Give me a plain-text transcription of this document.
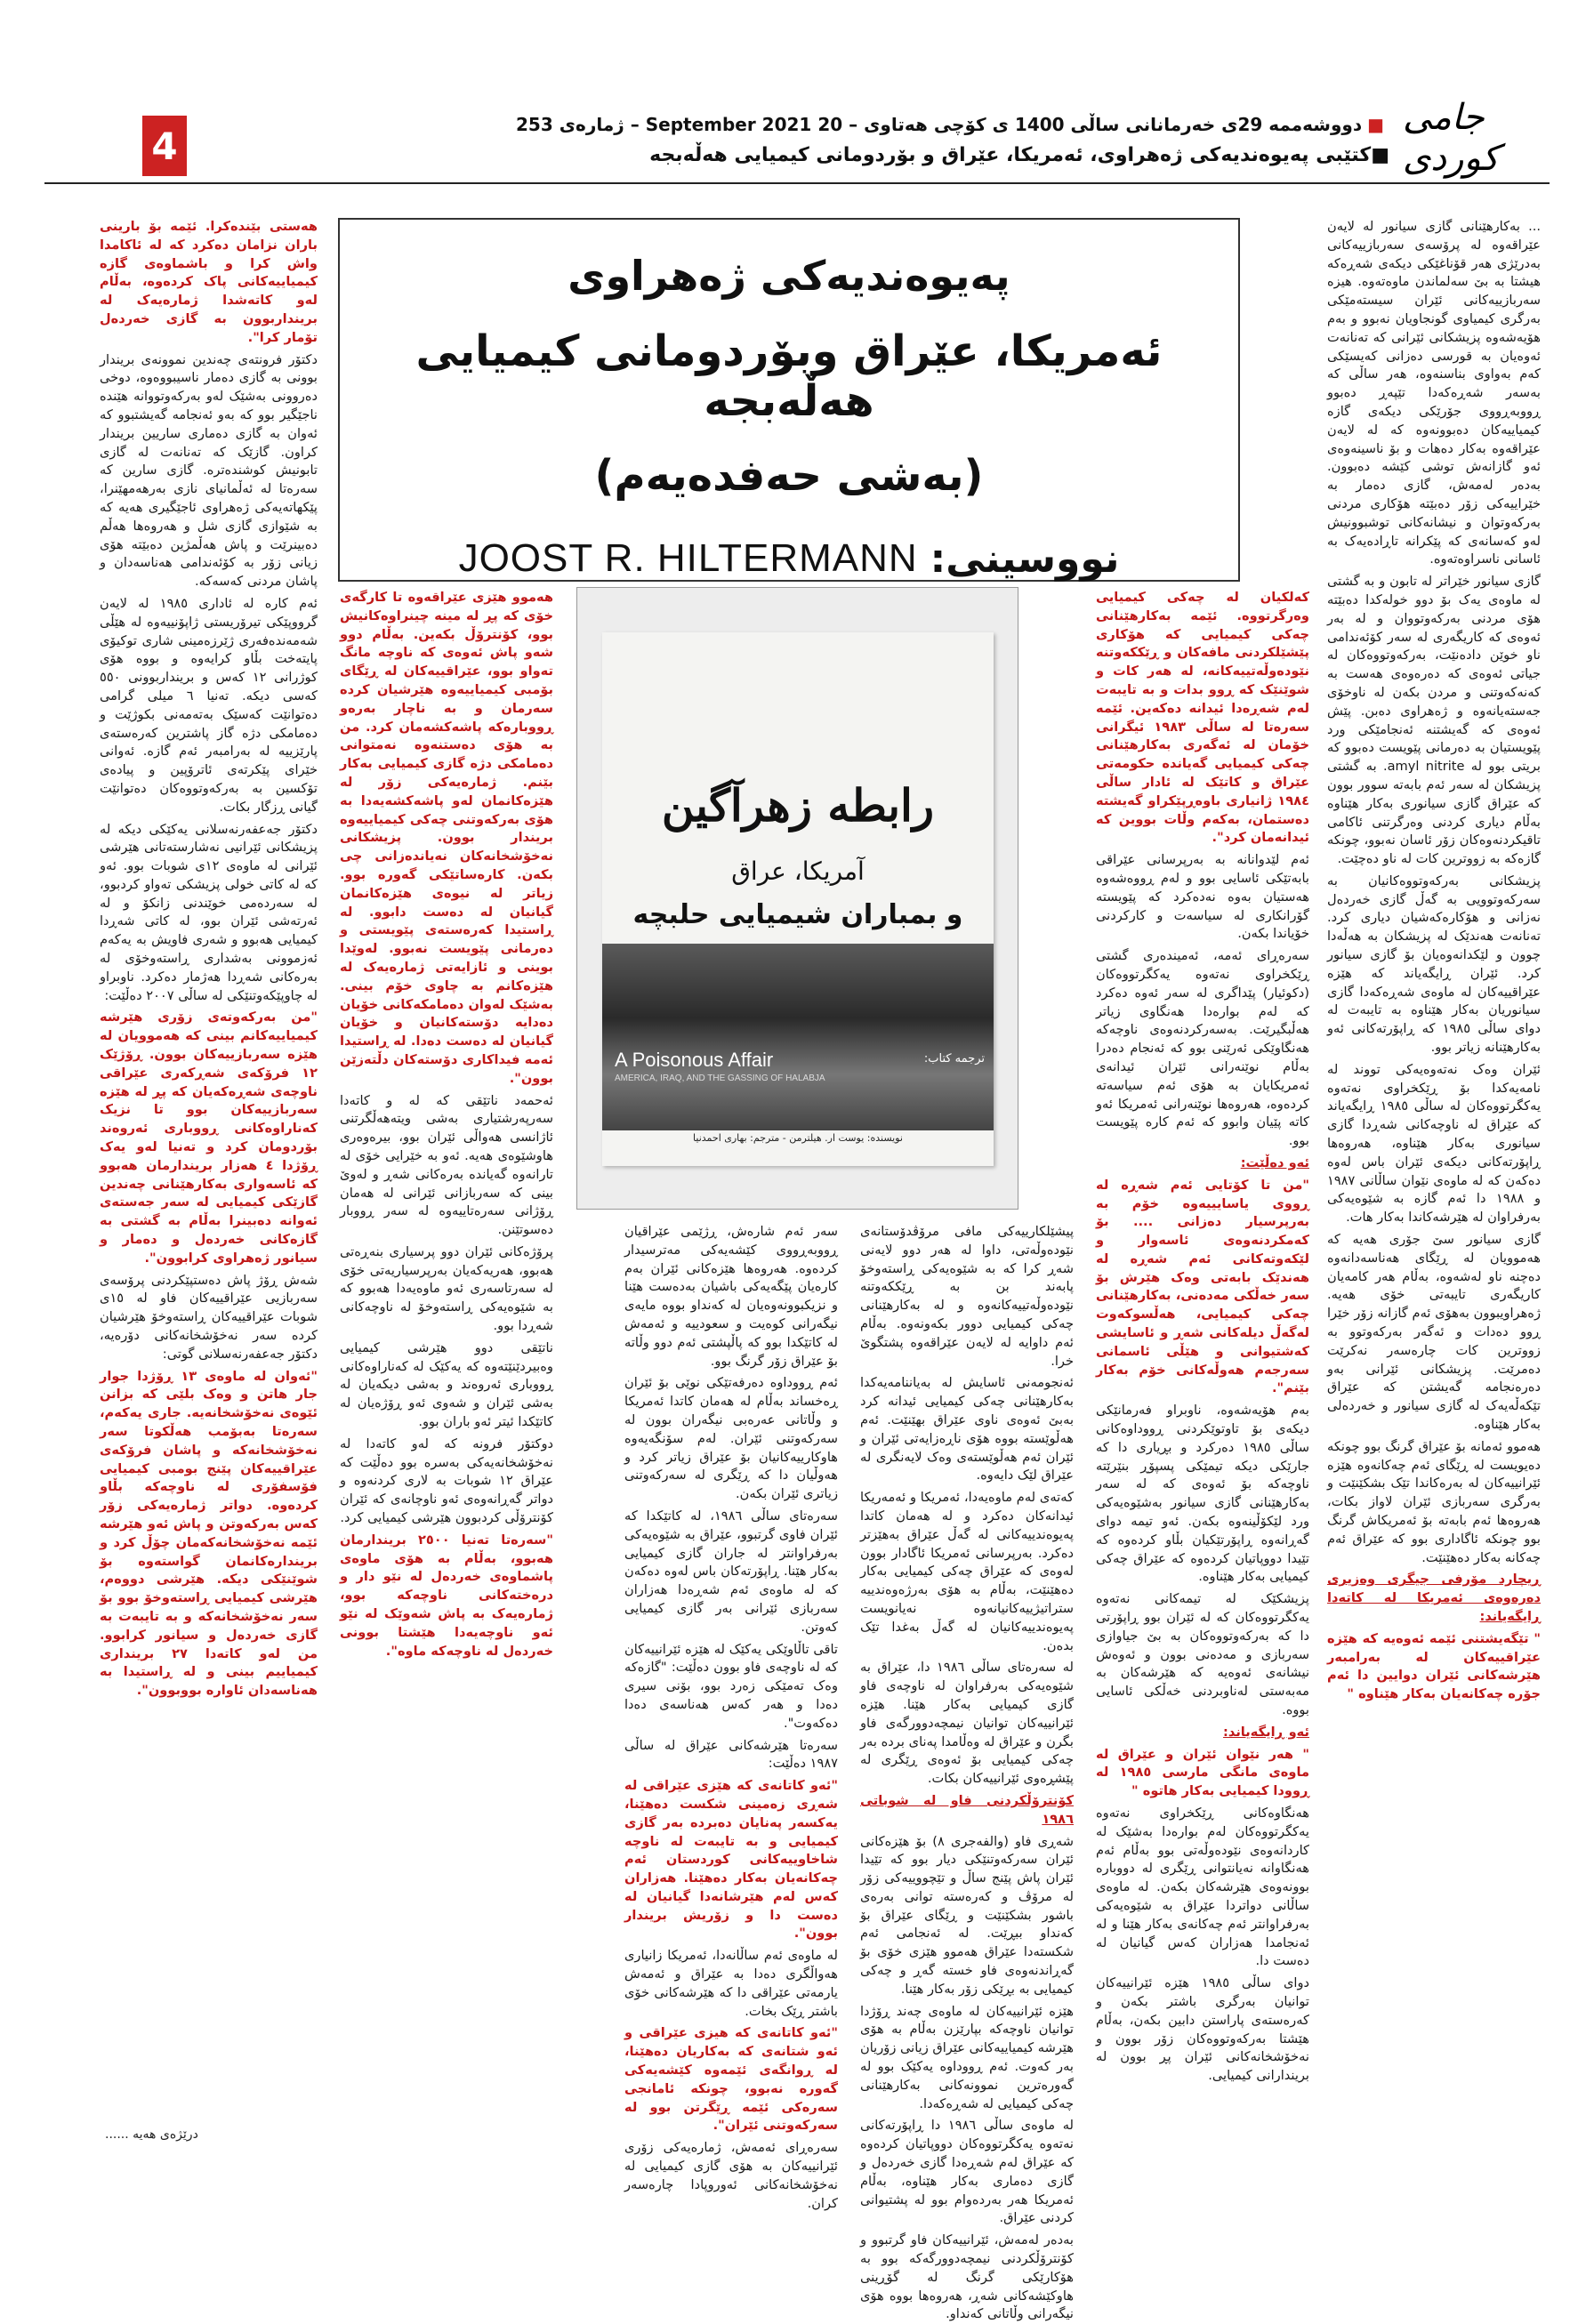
4	■دووشەممە 29ی خەرمانانی ساڵی 1400 ی کۆچی هەتاوی – 20 September 2021 – ژمارەی 253
■کتێبی پەیوەندیەکی ژەهراوی، ئەمریکا، عێراق و بۆردومانی کیمیایی هەڵەبجە
جامى كوردى
پەیوەندیەکی ژەهراوی
ئەمریکا، عێراق وبۆردومانی کیمیایی هەڵەبجە
(بەشی حەفدەیەم)
نووسینی:
JOOST R. HILTERMANN
رابطه زهرآگین
آمریکا، عراق
و بمباران شیمیایی حلبچه
A Poisonous Affair
AMERICA, IRAQ, AND THE GASSING OF HALABJA
ترجمه کتاب:
نویسنده: یوست ار. هیلترمن - مترجم: بهاری احمدنیا

... بەکارهێنانی گازی سیانور لە لایەن عێراقەوە لە پرۆسەی سەربازییەکانی بەدرێژی هەر قۆناغێکی دیکەی شەڕەکە هیشتا بە بێ سەلماندن ماوەتەوە. هیزە سەربازییەکانی ئێران سیستەمێکی بەرگری کیمیاوی گونجاویان نەبوو و بەم هۆیەشەوە پزیشکانی ئێرانی کە تەنانەت ئەوەیان بە قورسی دەزانی کەیسێکی کەم بەواوی بناسنەوە، هەر ساڵی کە بەسەر شەڕەکەدا تێپەڕ دەبوو ڕووبەڕووی جۆرێکی دیکەی گازە کیمیاییەکان دەبوونەوە کە لە لایەن عێراقەوە بەکار دەهات و بۆ ناسینەوەی ئەو گازانەش توشی کێشە دەبوون. بەدەر لەمەش، گازی دەمار بە خێراییەکی زۆر دەبێتە هۆکاری مردنی بەرکەوتوان و نیشانەکانی توشبوونیش لەو کەسانەی کە پێکرانە تاڕادەیەک بە ئاسانی ناسراوەتەوە.

گازی سیانور خێراتر لە تابون و بە گشتی لە ماوەی یەک بۆ دوو خولەکدا دەبێتە هۆی مردنی بەرکەوتووان و لە بەر ئەوەی کە کاریگەری لە سەر کۆئەندامی ناو خوێن دادەنێت، بەرکەوتووەکان لە جیاتی ئەوەی کە دەرەوەی هەست بە کەنەکەوتنی و مردن بکەن لە ناوخۆی جەستەیانەوە و ژەهراوی دەبن. پێش ئەوەی کە گەیشتنە ئەنجامێکی ورد پێویستیان بە دەرمانی پێویست دەبوو کە بریتی بوو لە amyl nitrite. بە گشتی پزیشکان لە سەر ئەم بابەتە سوور بوون کە عێراق گازی سیانوری بەکار هێناوە بەڵام دیاری کردنی وەرگرتنی ئاکامی تاقیکردنەوەکان زۆر ئاسان نەبوو، چونکە گازەکە بە زووترین کات لە ناو دەچێت.

پزیشکانی بەرکەوتووەکانیان بە سەرکەوتوویی بە گەڵ گازی خەردەل نەزانی و هۆکارەکەشیان دیاری کرد. تەنانەت هەندێک لە پزیشکان بە هەڵەدا چوون و لێکدانەوەیان بۆ گازی سیانور کرد. ئێران ڕایگەیاند کە هێزە عێراقییەکان لە ماوەی شەڕەکەدا گازی سیانوریان بەکار هێناوە بە تایبەت لە دوای ساڵی ١٩٨٥ کە ڕاپۆرتەکانی ئەو بەکارهێنانە زیاتر بوو.

ئێران وەک نەتەوەیەکی تووند لە نامەیەکدا بۆ ڕێکخراوی نەتەوە یەکگرتووەکان لە ساڵی ١٩٨٥ ڕایگەیاند کە عێراق لە ناوچەکانی شەڕدا گازی سیانوری بەکار هێناوە، هەروەها ڕاپۆرتەکانی دیکەی ئێران باس لەوە دەکەن کە لە ماوەی نێوان ساڵانی ١٩٨٧ و ١٩٨٨ دا ئەم گازە بە شێوەیەکی بەرفراوان لە هێرشەکاندا بەکار هات.

گازی سیانور سێ جۆری هەیە کە هەموویان لە ڕێگای هەناسەدانەوە دەچنە ناو لەشەوە، بەڵام هەر کامەیان کاریگەری تایبەتی خۆی هەیە. ژەهراویبوون بەهۆی ئەم گازانە زۆر خێرا ڕوو دەدات و ئەگەر بەرکەوتوو بە زووترین کات چارەسەر نەکرێت دەمرێت. پزیشکانی ئێرانی بەو دەرەنجامە گەیشتن کە عێراق تێکەڵەیەک لە گازی سیانور و خەردەلی بەکار هێناوە.

هەموو ئەمانە بۆ عێراق گرنگ بوو چونکە دەیویست لە ڕێگای ئەم چەکانەوە هێزە ئێرانییەکان لە بەرەکاندا تێک بشکێنێت و بەرگری سەربازی ئێران لاواز بکات، هەروەها ئەم بابەتە بۆ ئەمریکاش گرنگ بوو چونکە ئاگاداری بوو کە عێراق ئەم چەکانە بەکار دەهێنێت.

ڕیچارد مۆرفی جیگری وەزیری دەرەوەی ئەمریکا لە کاتەدا ڕایگەیاند:

" تێگەیشتنی ئێمە ئەوەیە کە هێزە عێراقییەکان لە بەرامبەر هێرشەکانی ئێران دوایین دا ئەم جۆرە چەکانەیان بەکار هێناوە "

کەلکیان لە چەکی کیمیایی وەرگرتووە. ئێمە بەکارهێنانی چەکی کیمیایی کە هۆکاری پێشێلکردنی مافەکان و ڕێککەوتنە نێودەوڵەتییەکانە، لە هەر کات و شوێنێک کە ڕوو بدات و بە تایبەت لەم شەڕەدا ئیدانە دەکەین. ئێمە سەرەتا لە ساڵی ١٩٨٣ ئیگرانی خۆمان لە ئەگەری بەکارهێنانی چەکی کیمیایی گەیاندە حکومەتی عێراق و کاتێک لە ئادار ساڵی ١٩٨٤ ژانیاری باوەڕپێکراو گەیشتە دەستمان، بەکەم وڵات بووین کە ئیدانەمان کرد".

ئەم لێدوانانە بە بەرپرسانی عێراقی بابەتێکی ئاسایی بوو و لەم ڕووەشەوە هەستیان بەوە نەدەکرد کە پێویستە گۆرانکاری لە سیاسەت و کارکردنی خۆیاندا بکەن.

سەرەڕای ئەمە، ئەمیندەری گشتی ڕێکخراوی نەتەوە یەکگرتووەکان (دکوئیار) پێداگری لە سەر ئەوە دەکرد کە لەم بوارەدا هەنگاوی زیاتر هەڵبگیرێت. بەسەرکردنەوەی ناوچەکە هەنگاوێکی ئەرێنی بوو کە ئەنجام دەدرا بەڵام نوێنەرانی ئێران ئیدانەی ئەمریکایان بە هۆی ئەم سیاسەتە کردەوە، هەروەها نوێنەرانی ئەمریکا ئەو کاتە پێیان وابوو کە ئەم کارە پێویست بوو.

ئەو دەڵێت:

"من تا کۆتایی ئەم شەڕە لە ڕووی یاسایییەوە خۆم بە بەرپرسیار دەزانی .... بۆ کەمکردنەوەی ئاسەوار و لێکەوتەکانی ئەم شەڕە لە هەندێک بابەتی وەک هێرش بۆ سەر خەڵکی مەدەنی، بەکارهێنانی چەکی کیمیایی، هەڵسوکەوت لەگەڵ دیلەکانی شەڕ و ئاسایشی کەشتیوانی و هێڵی ئاسمانی سەرجەم هەوڵەکانی خۆم بەکار بێنم".

بەم هۆیەشەوە، ناوبراو فەرمانێکی دیکەی بۆ تاوتوێکردنی ڕووداوەکانی ساڵی ١٩٨٥ دەرکرد و بڕیاری دا کە جارێکی دیکە تیمێکی پسپۆڕ بنێرێتە ناوچەکە بۆ ئەوەی کە لە سەر بەکارهێنانی گازی سیانور بەشێوەیەکی ورد لێکۆڵینەوە بکەن. ئەو تیمە دوای گەڕانەوە ڕاپۆرتێکیان بڵاو کردەوە کە تێیدا دووپاتیان کردەوە کە عێراق چەکی کیمیایی بەکار هێناوە.

پزیشکێک لە تیمەکانی نەتەوە یەکگرتووەکان کە لە ئێران بوو ڕاپۆرتی دا کە بەرکەوتووەکان بە بێ جیاوازی سەربازی و مەدەنی بوون و ئەوەش نیشانەی ئەوەیە کە هێرشەکان بە مەبەستی لەناوبردنی خەڵکی ئاسایی بووە.

ئەو ڕایگەیاند:

" هەر نێوان ئێران و عێراق لە ماوەی مانگی مارسی ١٩٨٥ لە ڕوودا کیمیایی بەکار هاتوە "

هەنگاوەکانی ڕێکخراوی نەتەوە یەکگرتووەکان لەم بوارەدا بەشێک لە کاردانەوەی نێودەوڵەتی بوو بەڵام ئەم هەنگاوانە نەیانتوانی ڕێگری لە دووبارە بوونەوەی هێرشەکان بکەن. لە ماوەی ساڵانی دواتردا عێراق بە شێوەیەکی بەرفراوانتر ئەم چەکانەی بەکار هێنا و لە ئەنجامدا هەزاران کەس گیانیان لە دەست دا.

دوای ساڵی ١٩٨٥ هێزە ئێرانییەکان توانیان بەرگری باشتر بکەن و کەرەستەی پاراستن دابین بکەن، بەڵام هێشتا بەرکەوتووەکان زۆر بوون و نەخۆشخانەکانی ئێران پڕ بوون لە بریندارانی کیمیایی.

پیشێلکارییەکی مافی مرۆڤدۆستانەی نێودەوڵەتی، داوا لە هەر دوو لایەنی شەڕ کرا کە بە شێوەیەکی ڕاستەوخۆ پابەند بن بە ڕێککەوتنە نێودەوڵەتییەکانەوە و لە بەکارهێنانی چەکی کیمیایی دوور بکەونەوە. بەڵام ئەم داوایە لە لایەن عێراقەوە پشتگوێ خرا.

ئەنجومەنی ئاسایش لە بەیاننامەیەکدا بەکارهێنانی چەکی کیمیایی ئیدانە کرد بەبێ ئەوەی ناوی عێراق بهێنێت. ئەم هەڵوێستە بووە هۆی ناڕەزایەتی ئێران و ئێران ئەم هەڵوێستەی وەک لایەنگری لە عێراق لێک دایەوە.

کەتەی لەم ماوەیەدا، ئەمریکا و ئەمەریکا ئیدانەکان دەکرد و لە هەمان کاتدا پەیوەندییەکانی لە گەڵ عێراق بەهێزتر دەکرد. بەرپرسانی ئەمریکا ئاگادار بوون لەوەی کە عێراق چەکی کیمیایی بەکار دەهێنێت، بەڵام بە هۆی بەرژەوەندییە ستراتیژییەکانیانەوە نەیانویست پەیوەندییەکانیان لە گەڵ بەغدا تێک بدەن.

لە سەرەتای ساڵی ١٩٨٦ دا، عێراق بە شێوەیەکی بەرفراوان لە ناوچەی فاو گازی کیمیایی بەکار هێنا. هێزە ئێرانییەکان توانیان نیمچەدوورگەی فاو بگرن و عێراق لە وەڵامدا پەنای بردە بەر چەکی کیمیایی بۆ ئەوەی ڕێگری لە پێشڕەوی ئێرانییەکان بکات.

کۆنترۆڵکردنی فاو لە شوباتی ١٩٨٦

شەڕی فاو (والفەجری ٨) بۆ هێزەکانی ئێران سەرکەوتنێکی دیار بوو کە تێیدا ئێران پاش پێنج ساڵ و تێچووییەکی زۆر لە مرۆڤ و کەرەستە توانی بەرەی باشور بشکێنێت و ڕێگای عێراق بۆ کەنداو ببڕێت. لە ئەنجامی ئەم شکستەدا عێراق هەموو هێزی خۆی بۆ گەڕاندنەوەی فاو خستە گەڕ و چەکی کیمیایی بە بڕێکی زۆر بەکار هێنا.

هێزە ئێرانییەکان لە ماوەی چەند ڕۆژدا توانیان ناوچەکە بپارێزن بەڵام بە هۆی هێرشە کیمیاییەکانی عێراق زیانی زۆریان بەر کەوت. ئەم ڕووداوە یەکێک بوو لە گەورەترین نموونەکانی بەکارهێنانی چەکی کیمیایی لە شەڕەکەدا.

لە ماوەی ساڵی ١٩٨٦ دا ڕاپۆرتەکانی نەتەوە یەکگرتووەکان دووپاتیان کردەوە کە عێراق لەم شەڕەدا گازی خەردەل و گازی دەماری بەکار هێناوە، بەڵام ئەمریکا هەر بەردەوام بوو لە پشتیوانی کردنی عێراق.

بەدەر لەمەش، ئێرانییەکان فاو گرتبوو و کۆنترۆڵکردنی نیمچەدوورگەکە بوو بە هۆکارێکی گرنگ لە گۆڕینی هاوکێشەکانی شەڕ، هەروەها بووە هۆی نیگەرانی وڵاتانی کەنداو.

سەر ئەم شارەش، ڕژێمی عێراقیان ڕووبەڕووی کێشەیەکی مەترسیدار کردەوە. هەروەها هێزەکانی ئێران بەم کارەیان پێگەیەکی باشیان بەدەست هێنا و نزیکبوونەوەیان لە کەنداو بووە مایەی نیگەرانی کوەیت و سعودییە و ئەمەش لە کاتێکدا بوو کە پاڵپشتی ئەم دوو وڵاتە بۆ عێراق زۆر گرنگ بوو.

ئەم ڕووداوە دەرفەتێکی نوێی بۆ ئێران ڕەخساند بەڵام لە هەمان کاتدا ئەمریکا و وڵاتانی عەرەبی نیگەران بوون لە سەرکەوتنی ئێران. لەم سۆنگەیەوە هاوکارییەکانیان بۆ عێراق زیاتر کرد و هەوڵیان دا کە ڕێگری لە سەرکەوتنی زیاتری ئێران بکەن.

سەرەتای ساڵی ١٩٨٦، لە کاتێکدا کە ئێران فاوی گرتبوو، عێراق بە شێوەیەکی بەرفراوانتر لە جاران گازی کیمیایی بەکار هێنا. ڕاپۆرتەکان باس لەوە دەکەن کە لە ماوەی ئەم شەڕەدا هەزاران سەربازی ئێرانی بەر گازی کیمیایی کەوتن.

تاقی تاڵاوێکی یەکێک لە هێزە ئێرانییەکان کە لە ناوچەی فاو بوون دەڵێت: "گازەکە وەک تەمێکی زەرد بوو، بۆنی سیری دەدا و هەر کەس هەناسەی دەدا دەکەوت".

سەرەتا هێرشەکانی عێراق لە ساڵی ١٩٨٧ دەڵێت:

"ئەو کاتانەی کە هێزی عێراقی لە شەڕی زەمینی شکست دەهێنا، یەکسەر پەنایان دەبردە بەر گازی کیمیایی و بە تایبەت لە ناوچە شاخاوییەکانی کوردستان ئەم چەکانەیان بەکار دەهێنا. هەزاران کەس لەم هێرشانەدا گیانیان لە دەست دا و زۆریش بریندار بوون".

لە ماوەی ئەم ساڵانەدا، ئەمریکا زانیاری هەواڵگری دەدا بە عێراق و ئەمەش یارمەتی عێراقی دا کە هێرشەکانی خۆی باشتر ڕێک بخات.

"ئەو کاتانەی کە هیزی عێراقی و ئەو شتانەی کە بەکاریان دەهێنا، لە ڕوانگەی ئێمەوە کێشەیەکی گەورە نەبوو، چونکە ئامانجی سەرەکی ئێمە ڕێگرتن بوو لە سەرکەوتنی ئێران".

سەرەڕای ئەمەش، ژمارەیەکی زۆری ئێرانییەکان بە هۆی گازی کیمیایی لە نەخۆشخانەکانی ئەوروپادا چارەسەر کران.

هەموو هێزی عێراقەوە تا کارگەی خۆی کە پڕ لە مینە چینراوەکانیش بوو، کۆنترۆڵ بکەین. بەڵام دوو شەو پاش ئەوەی کە ناوچە مانگ تەواو بوو، عێراقییەکان لە ڕێگای بۆمبی کیمیاییەوە هێرشیان کردە سەرمان و بە ناچار بەرەو ڕووبارەکە پاشەکشەمان کرد. من بە هۆی دەستنەوە نەمتوانی دەمامکی دژە گازی کیمیایی بەکار بێنم. ژمارەیەکی زۆر لە هێزەکانمان لەو پاشەکشەیەدا بە هۆی بەرکەوتنی چەکی کیمیاییەوە بریندار بوون. پزیشکانی نەخۆشخانەکان نەیاندەزانی چی بکەن. کارەساتێکی گەورە بوو. زیاتر لە نیوەی هێزەکانمان گیانیان لە دەست دابوو. لە ڕاستیدا کەرەستەی پێویستی و دەرمانی پێویست نەبوو. لەوێدا بوینی و ئازایەتی ژمارەیەک لە هێزەکانم بە چاوی خۆم بینی. بەشێک لەوان دەمامکەکانی خۆیان دەدایە دۆستەکانیان و خۆیان گیانیان لە دەست دەدا. لە ڕاستیدا ئەمە فیداکاری دۆستەکان دڵتەزێن بوون".

ئەحمەد ناتێقی کە لە و کاتەدا سەرپەرشتیاری بەشی ویتەهەڵگرتنی ئاژانسی هەواڵی ئێران بوو، بیرەوەری هاوشێوەی هەیە. ئەو بە خێرایی خۆی لە تارانەوە گەیاندە بەرەکانی شەڕ و لەوێ بینی کە سەربازانی ئێرانی لە هەمان ڕۆژانی سەرەتاییەوە لە سەر ڕووبار دەسوتێنن.

پرۆژەکانی ئێران دوو پرسیاری بنەڕەتی هەبوو، هەریەکەیان بەرپرسیاریەتی خۆی لە سەرتاسەری ئەو ماوەیەدا هەبوو کە بە شێوەیەکی ڕاستەوخۆ لە ناوچەکانی شەڕدا بوو.

ناتێقی دوو هێرشی کیمیایی وەبیردێنێتەوە کە یەکێک لە کەناراوەکانی ڕووباری ئەروەند و بەشی دیکەیان لە بەشی ئێران و شەوی ئەو ڕۆژەیان لە کاتێکدا ئیتر ئەو باران بوو.

دوکتۆر فرونە کە لەو کاتەدا لە نەخۆشخانەیەکی بەسرە بوو دەڵێت کە عێراق ١٢ شوبات بە لاری کردنەوە و دواتر گەڕانەوەی ئەو ناوچانەی کە ئێران کۆنترۆڵی کردبوون هێرشی کیمیایی کرد.

"سەرەتا تەنیا ٢٥٠٠ بریندارمان هەبوو، بەڵام بە هۆی ماوەی پاشماوەی خەردەل لە نێو دار و درەختەکانی ناوچەکە بوو، ژمارەیەک بە پاش شەوێک لە نێو ئەو ناوچەیەدا هێشتا بوونی خەردەل لە ناوچەکە ماوە".

هەستی بێندەکرا. ئێمە بۆ بارینی باران نزامان دەکرد کە لە ئاکامدا واش کرا و باشماوەی گازە کیمیاییەکانی پاک کردەوە، بەڵام لەو کاتەشدا ژمارەیەک لە برینداربوون بە گازی خەردەل تۆمار کرا".

دکتۆر فرونتەی چەندین نموونەی بریندار بوونی بە گازی دەمار ناسیبووەوە، دوخی دەروونی بەشێک لەو بەرکەوتووانە هێندە ناجێگیر بوو کە بەو ئەنجامە گەیشتبوو کە ئەوان بە گازی دەماری ساریین بریندار کراون. گازێک کە تەنانەت لە گازی تابونیش کوشندەترە. گازی سارین کە سەرەتا لە ئەڵمانیای نازی بەرهەمهێنرا، پێکهاتەیەکی ژەهراوی ئاجێگیری هەیە کە بە شێوازی گازی شل و هەروەها هەڵم دەبینرێت و پاش هەڵمژین دەبێتە هۆی زیانی زۆر بە کۆئەندامی هەناسەدان و پاشان مردنی کەسەکە.

ئەم کارە لە ئاداری ١٩٨٥ لە لایەن گرووپێکی تیرۆریستی ژاپۆنییەوە لە هێڵی شەمەندەفەری ژێرزەمینی شاری توکیۆی پایتەخت بڵاو کرایەوە و بووە هۆی کوژرانی ١٢ کەس و برینداربوونی ٥٥٠ کەسی دیکە. تەنیا ٦ میلی گرامی دەتوانێت کەسێک بەتەمەنی بکوژێت و دەمامکی دژە گاز پاشترین کەرەستەی پارێزییە لە بەرامبەر ئەم گازە. ئەوانی خێرای پێکرتەی ئاترۆپین و پیادەی تۆکسین بە بەرکەوتووەکان دەتوانێت گیانی ڕزگار بکات.

دکتۆر جەعفەرنەسلانی یەکێکی دیکە لە پزیشکانی ئێرانیی نەشارستەتانی هێرشی ئێرانی لە ماوەی ١٢ی شوبات بوو. ئەو کە لە کاتی خولی پزیشکی تەواو کردبوو، لە سەردەمی خوێندنی زانکۆ و لە ئەرتەشی ئێران بوو، لە کاتی شەڕدا کیمیایی هەبوو و شەری فاویش بە یەکەم ئەزموونی بەشداری ڕاستەوخۆی لە بەرەکانی شەڕدا هەژمار دەکرد. ناوبراو لە چاوپێکەوتنێکی لە ساڵی ٢٠٠٧ دەڵێت:

"من بەرکەوتەی زۆری هێرشە کیمیاییەکانم بینی کە هەموویان لە هێزە سەربازییەکان بوون. ڕۆژێک ١٢ فرۆکەی شەڕکەری عێراقی ناوچەی شەڕەکەیان کە پڕ لە هێزە سەربازییەکان بوو تا نزیک کەناراوەکانی ڕووباری ئەروەند بۆردومان کرد و تەنیا لەو یەک ڕۆژدا ٤ هەزار بریندارمان هەبوو کە ئاسەواری بەکارهێنانی چەندین گازێکی کیمیایی لە سەر جەستەی ئەوانە دەبینرا بەڵام بە گشتی بە گازەکانی خەردەل و دەمار و سیانور ژەهراوی کرابوون".

شەش ڕۆژ پاش دەستپێکردنی پرۆسەی سەربازیی عێراقییەکان فاو لە ١٥ی شوبات عێراقییەکان ڕاستەوخۆ هێرشیان کردە سەر نەخۆشخانەکانی دۆرەیە، دکتۆر جەعفەرنەسلانی گوتی:

"ئەوان لە ماوەی ١٣ ڕۆژدا جوار جار هاتن و وەک بلێی کە بزانن ئێوەی نەخۆشخانەیە. جاری یەکەم، سەرەتا بەبۆمب هەڵکوتا سەر نەخۆشخانەکە و پاشان فرۆکەی عێراقییەکان پێنج بومبی کیمیایی فۆسفۆری لە ناوچەکە بڵاو کردەوە. دواتر ژمارەیەکی زۆر کەس بەرکەوتن و پاش ئەو هێرشە ئێمە نەخۆشخانەکەمان چۆڵ کرد و بریندارەکانمان گواستەوە بۆ شوێنێکی دیکە. هێرشی دووەم، هێرشی کیمیایی ڕاستەوخۆ بوو بۆ سەر نەخۆشخانەکە و بە تایبەت بە گازی خەردەل و سیانور کرابوو. من لەو کاتەدا ٢٧ برینداری کیمیاییم بینی و لە ڕاستیدا بە هەناسەدان ئاوارە بووبوون".

درێژەی هەیە ......
